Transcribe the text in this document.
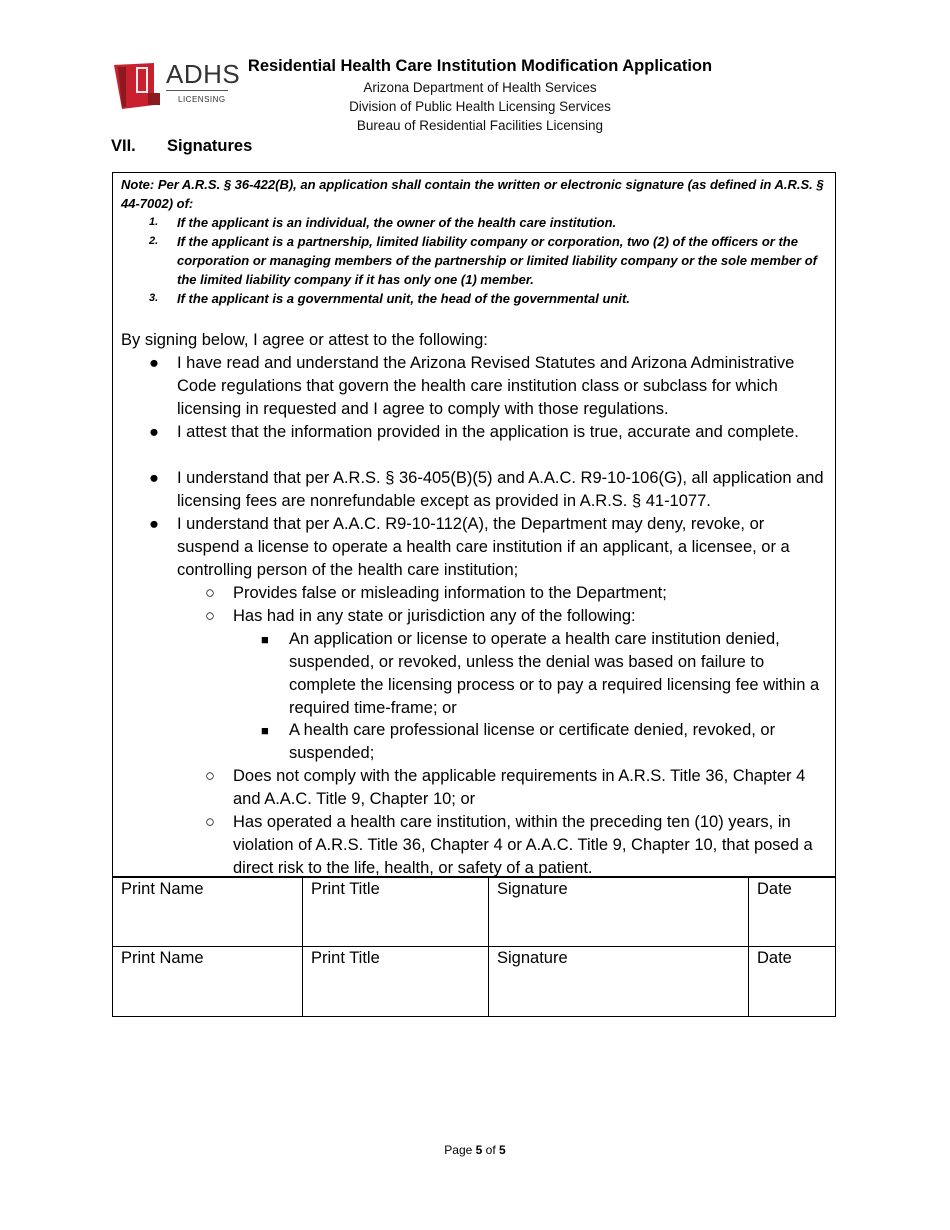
ADHS
LICENSING
Residential Health Care Institution Modification Application
Arizona Department of Health Services
Division of Public Health Licensing Services
Bureau of Residential Facilities Licensing
VII. Signatures
Note: Per A.R.S. § 36-422(B), an application shall contain the written or electronic signature (as defined in A.R.S. § 44-7002) of:
1. If the applicant is an individual, the owner of the health care institution.
2. If the applicant is a partnership, limited liability company or corporation, two (2) of the officers or the corporation or managing members of the partnership or limited liability company or the sole member of the limited liability company if it has only one (1) member.
3. If the applicant is a governmental unit, the head of the governmental unit.
By signing below, I agree or attest to the following:
● I have read and understand the Arizona Revised Statutes and Arizona Administrative Code regulations that govern the health care institution class or subclass for which licensing in requested and I agree to comply with those regulations.
● I attest that the information provided in the application is true, accurate and complete.
● I understand that per A.R.S. § 36-405(B)(5) and A.A.C. R9-10-106(G), all application and licensing fees are nonrefundable except as provided in A.R.S. § 41-1077.
● I understand that per A.A.C. R9-10-112(A), the Department may deny, revoke, or suspend a license to operate a health care institution if an applicant, a licensee, or a controlling person of the health care institution;
○ Provides false or misleading information to the Department;
○ Has had in any state or jurisdiction any of the following:
■ An application or license to operate a health care institution denied, suspended, or revoked, unless the denial was based on failure to complete the licensing process or to pay a required licensing fee within a required time-frame; or
■ A health care professional license or certificate denied, revoked, or suspended;
○ Does not comply with the applicable requirements in A.R.S. Title 36, Chapter 4 and A.A.C. Title 9, Chapter 10; or
○ Has operated a health care institution, within the preceding ten (10) years, in violation of A.R.S. Title 36, Chapter 4 or A.A.C. Title 9, Chapter 10, that posed a direct risk to the life, health, or safety of a patient.
Print Name	Print Title	Signature	Date
Print Name	Print Title	Signature	Date
Page 5 of 5
